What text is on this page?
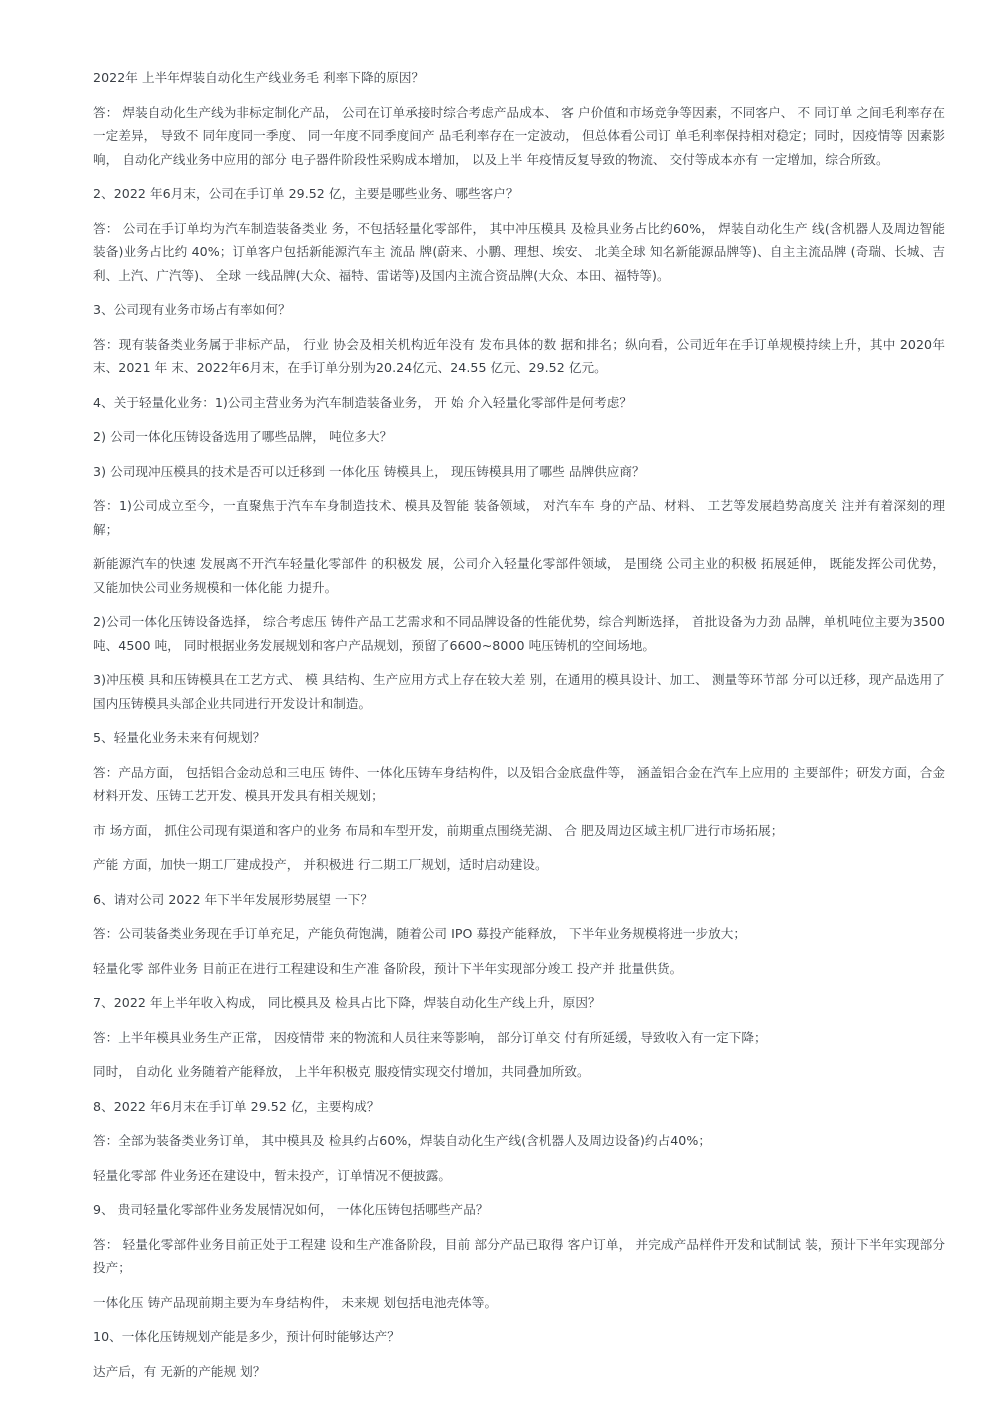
2022年 上半年焊装自动化生产线业务毛 利率下降的原因？

答： 焊装自动化生产线为非标定制化产品， 公司在订单承接时综合考虑产品成本、 客 户价值和市场竞争等因素，不同客户、 不 同订单 之间毛利率存在一定差异， 导致不 同年度同一季度、 同一年度不同季度间产 品毛利率存在一定波动， 但总体看公司订 单毛利率保持相对稳定；同时，因疫情等 因素影响， 自动化产线业务中应用的部分 电子器件阶段性采购成本增加， 以及上半 年疫情反复导致的物流、 交付等成本亦有 一定增加，综合所致。

2、2022 年6月末，公司在手订单 29.52 亿，主要是哪些业务、哪些客户？

答： 公司在手订单均为汽车制造装备类业 务，不包括轻量化零部件， 其中冲压模具 及检具业务占比约60%， 焊装自动化生产 线(含机器人及周边智能装备)业务占比约 40%；订单客户包括新能源汽车主 流品 牌(蔚来、小鹏、理想、埃安、 北美全球 知名新能源品牌等)、自主主流品牌 (奇瑞、长城、吉利、上汽、广汽等)、 全球 一线品牌(大众、福特、雷诺等)及国内主流合资品牌(大众、本田、福特等)。

3、公司现有业务市场占有率如何？

答：现有装备类业务属于非标产品， 行业 协会及相关机构近年没有 发布具体的数 据和排名；纵向看，公司近年在手订单规模持续上升，其中 2020年末、2021 年 末、2022年6月末，在手订单分别为20.24亿元、24.55 亿元、29.52 亿元。

4、关于轻量化业务：1)公司主营业务为汽车制造装备业务， 开 始 介入轻量化零部件是何考虑？

2) 公司一体化压铸设备选用了哪些品牌， 吨位多大？

3) 公司现冲压模具的技术是否可以迁移到 一体化压 铸模具上， 现压铸模具用了哪些 品牌供应商？

答：1)公司成立至今，一直聚焦于汽车车身制造技术、模具及智能 装备领域， 对汽车车 身的产品、材料、 工艺等发展趋势高度关 注并有着深刻的理解；

新能源汽车的快速 发展离不开汽车轻量化零部件 的积极发 展，公司介入轻量化零部件领域， 是围绕 公司主业的积极 拓展延伸， 既能发挥公司优势， 又能加快公司业务规模和一体化能 力提升。

2)公司一体化压铸设备选择， 综合考虑压 铸件产品工艺需求和不同品牌设备的性能优势，综合判断选择， 首批设备为力劲 品牌，单机吨位主要为3500 吨、4500 吨， 同时根据业务发展规划和客户产品规划，预留了6600~8000 吨压铸机的空间场地。

3)冲压模 具和压铸模具在工艺方式、 模 具结构、生产应用方式上存在较大差 别，在通用的模具设计、加工、 测量等环节部 分可以迁移，现产品选用了国内压铸模具头部企业共同进行开发设计和制造。

5、轻量化业务未来有何规划？

答：产品方面， 包括铝合金动总和三电压 铸件、一体化压铸车身结构件，以及铝合金底盘件等， 涵盖铝合金在汽车上应用的 主要部件；研发方面，合金材料开发、压铸工艺开发、模具开发具有相关规划；

市 场方面， 抓住公司现有渠道和客户的业务 布局和车型开发，前期重点围绕芜湖、 合 肥及周边区域主机厂进行市场拓展；

产能 方面，加快一期工厂建成投产， 并积极进 行二期工厂规划，适时启动建设。

6、请对公司 2022 年下半年发展形势展望 一下？

答：公司装备类业务现在手订单充足，产能负荷饱满，随着公司 IPO 募投产能释放， 下半年业务规模将进一步放大；

轻量化零 部件业务 目前正在进行工程建设和生产准 备阶段，预计下半年实现部分竣工 投产并 批量供货。

7、2022 年上半年收入构成， 同比模具及 检具占比下降，焊装自动化生产线上升，原因？

答：上半年模具业务生产正常， 因疫情带 来的物流和人员往来等影响， 部分订单交 付有所延缓，导致收入有一定下降；

同时， 自动化 业务随着产能释放， 上半年积极克 服疫情实现交付增加，共同叠加所致。

8、2022 年6月末在手订单 29.52 亿，主要构成？

答：全部为装备类业务订单， 其中模具及 检具约占60%，焊装自动化生产线(含机器人及周边设备)约占40%；

轻量化零部 件业务还在建设中，暂未投产，订单情况不便披露。

9、 贵司轻量化零部件业务发展情况如何， 一体化压铸包括哪些产品？

答： 轻量化零部件业务目前正处于工程建 设和生产准备阶段，目前 部分产品已取得 客户订单， 并完成产品样件开发和试制试 装，预计下半年实现部分投产；

一体化压 铸产品现前期主要为车身结构件， 未来规 划包括电池壳体等。

10、一体化压铸规划产能是多少，预计何时能够达产？

达产后，有 无新的产能规 划？
